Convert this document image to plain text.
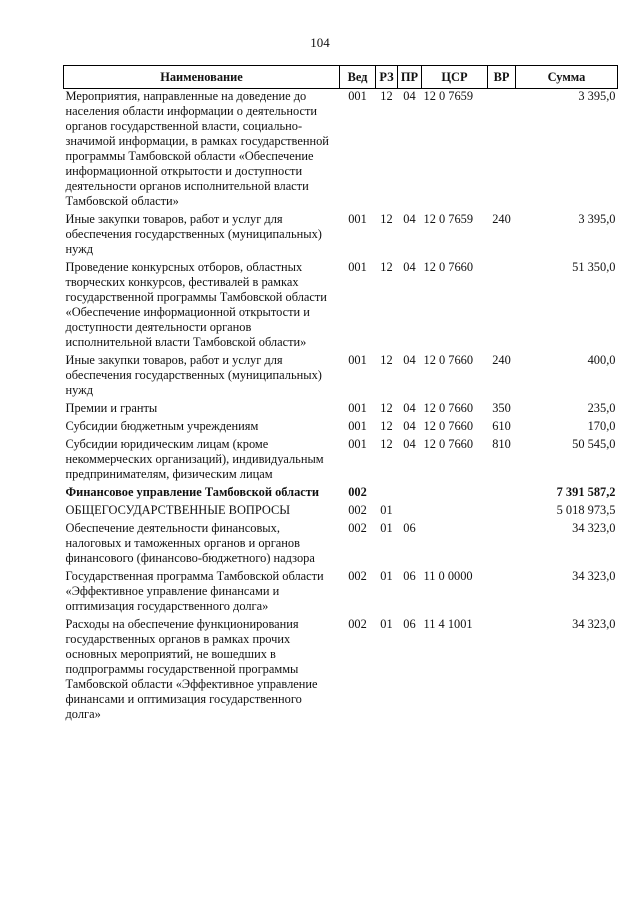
104
Наименование	Вед	РЗ	ПР	ЦСР	ВР	Сумма
Мероприятия, направленные на доведение до населения области информации о деятельности органов государственной власти, социально-значимой информации, в рамках государственной программы Тамбовской области «Обеспечение информационной открытости и доступности деятельности органов исполнительной власти Тамбовской области»	001	12	04	12 0 7659		3 395,0
Иные закупки товаров, работ и услуг для обеспечения государственных (муниципальных) нужд	001	12	04	12 0 7659	240	3 395,0
Проведение конкурсных отборов, областных творческих конкурсов, фестивалей в рамках государственной программы Тамбовской области «Обеспечение информационной открытости и доступности деятельности органов исполнительной власти Тамбовской области»	001	12	04	12 0 7660		51 350,0
Иные закупки товаров, работ и услуг для обеспечения государственных (муниципальных) нужд	001	12	04	12 0 7660	240	400,0
Премии и гранты	001	12	04	12 0 7660	350	235,0
Субсидии бюджетным учреждениям	001	12	04	12 0 7660	610	170,0
Субсидии юридическим лицам (кроме некоммерческих организаций), индивидуальным предпринимателям, физическим лицам	001	12	04	12 0 7660	810	50 545,0
Финансовое управление Тамбовской области	002					7 391 587,2
ОБЩЕГОСУДАРСТВЕННЫЕ ВОПРОСЫ	002	01				5 018 973,5
Обеспечение деятельности финансовых, налоговых и таможенных органов и органов финансового (финансово-бюджетного) надзора	002	01	06			34 323,0
Государственная программа Тамбовской области «Эффективное управление финансами и оптимизация государственного долга»	002	01	06	11 0 0000		34 323,0
Расходы на обеспечение функционирования государственных органов в рамках прочих основных мероприятий, не вошедших в подпрограммы государственной программы Тамбовской области «Эффективное управление финансами и оптимизация государственного долга»	002	01	06	11 4 1001		34 323,0
